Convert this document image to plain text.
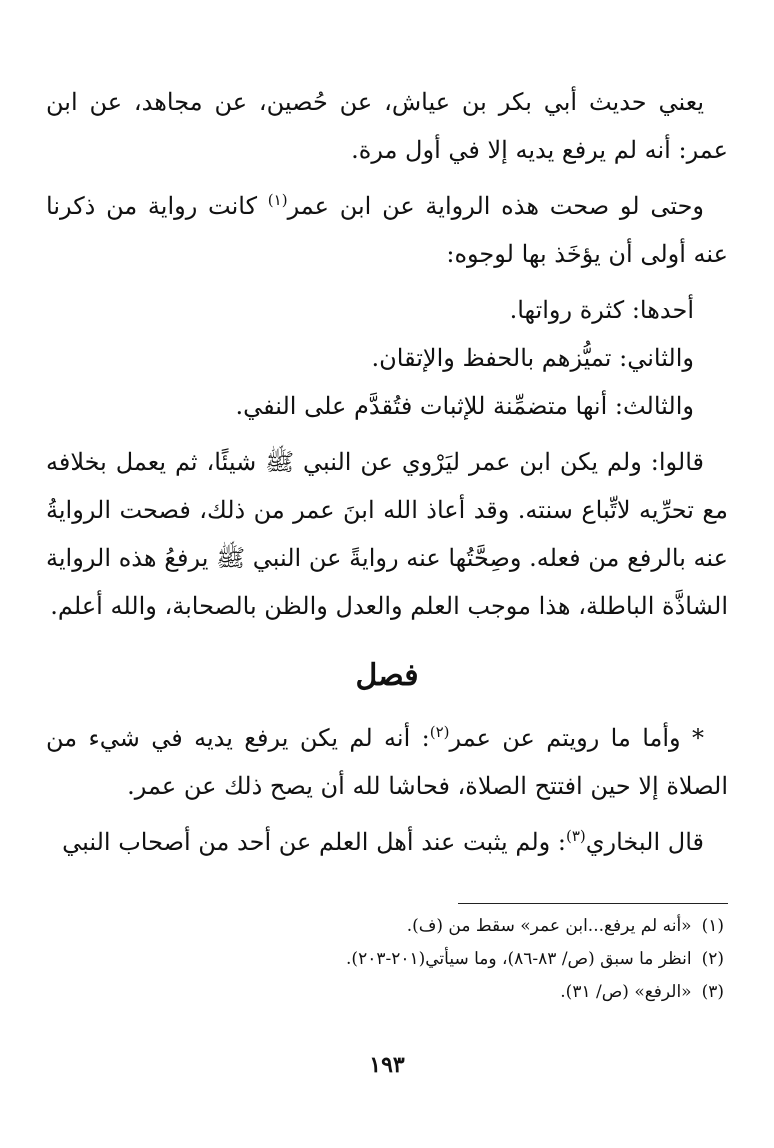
يعني حديث أبي بكر بن عياش، عن حُصين، عن مجاهد، عن ابن عمر: أنه لم يرفع يديه إلا في أول مرة.

وحتى لو صحت هذه الرواية عن ابن عمر$^{(١)}$ كانت رواية من ذكرنا عنه أولى أن يؤخَذ بها لوجوه:

أحدها: كثرة رواتها.

والثاني: تميُّزهم بالحفظ والإتقان.

والثالث: أنها متضمِّنة للإثبات فتُقدَّم على النفي.

قالوا: ولم يكن ابن عمر ليَرْوي عن النبي ﷺ شيئًا، ثم يعمل بخلافه مع تحرِّيه لاتِّباع سنته. وقد أعاذ الله ابنَ عمر من ذلك، فصحت الروايةُ عنه بالرفع من فعله. وصِحَّتُها عنه روايةً عن النبي ﷺ يرفعُ هذه الرواية الشاذَّة الباطلة، هذا موجب العلم والعدل والظن بالصحابة، والله أعلم.

فصل

* وأما ما رويتم عن عمر$^{(٢)}$: أنه لم يكن يرفع يديه في شيء من الصلاة إلا حين افتتح الصلاة، فحاشا لله أن يصح ذلك عن عمر.

قال البخاري$^{(٣)}$: ولم يثبت عند أهل العلم عن أحد من أصحاب النبي

(١)«أنه لم يرفع...ابن عمر» سقط من (ف).

(٢)انظر ما سبق (ص/ ٨٣-٨٦)، وما سيأتي(٢٠١-٢٠٣).

(٣)«الرفع» (ص/ ٣١).

١٩٣
